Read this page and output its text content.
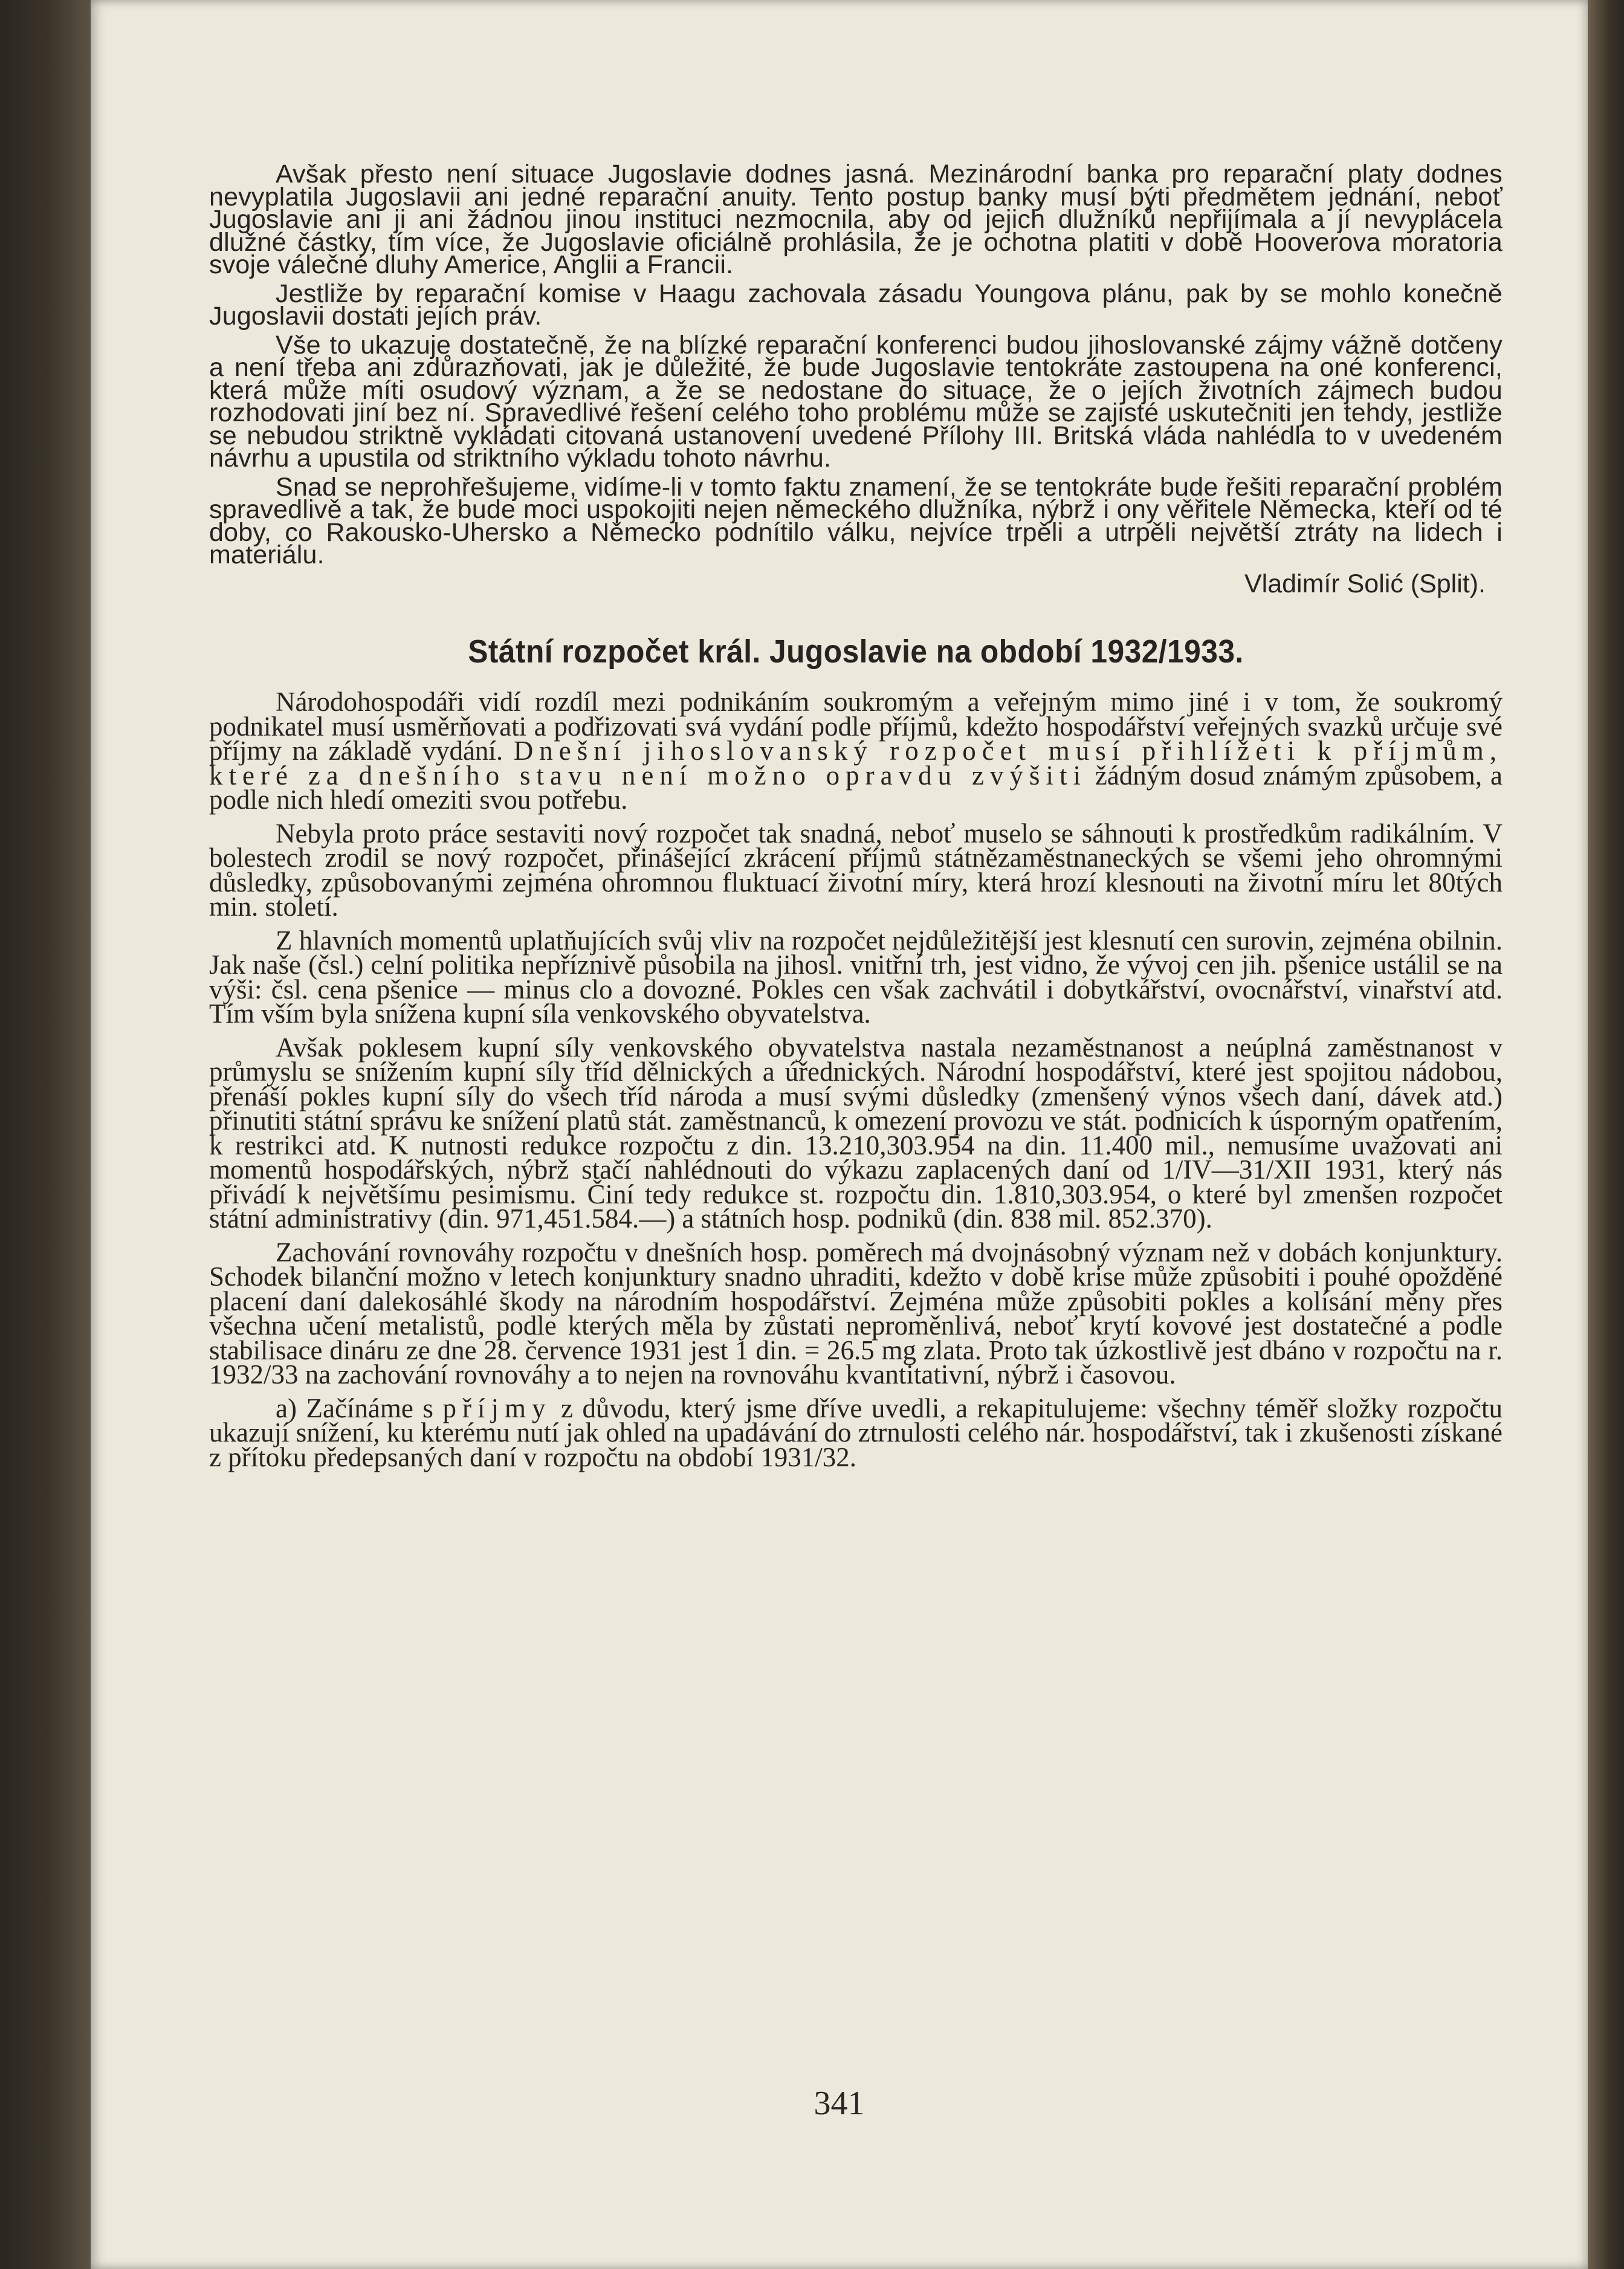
Avšak přesto není situace Jugoslavie dodnes jasná. Mezinárodní banka pro reparační platy dodnes nevyplatila Jugoslavii ani jedné reparační anuity. Tento postup banky musí býti předmětem jednání, neboť Jugoslavie ani ji ani žádnou jinou instituci nezmocnila, aby od jejich dlužníků nepřijímala a jí nevyplácela dlužné částky, tím více, že Jugoslavie oficiálně prohlásila, že je ochotna platiti v době Hooverova moratoria svoje válečné dluhy Americe, Anglii a Francii.

Jestliže by reparační komise v Haagu zachovala zásadu Youngova plánu, pak by se mohlo konečně Jugoslavii dostati jejích práv.

Vše to ukazuje dostatečně, že na blízké reparační konferenci budou jihoslovanské zájmy vážně dotčeny a není třeba ani zdůrazňovati, jak je důležité, že bude Jugoslavie tentokráte zastoupena na oné konferenci, která může míti osudový význam, a že se nedostane do situace, že o jejích životních zájmech budou rozhodovati jiní bez ní. Spravedlivé řešení celého toho problému může se zajisté uskutečniti jen tehdy, jestliže se nebudou striktně vykládati citovaná ustanovení uvedené Přílohy III. Britská vláda nahlédla to v uvedeném návrhu a upustila od striktního výkladu tohoto návrhu.

Snad se neprohřešujeme, vidíme-li v tomto faktu znamení, že se tentokráte bude řešiti reparační problém spravedlivě a tak, že bude moci uspokojiti nejen německého dlužníka, nýbrž i ony věřitele Německa, kteří od té doby, co Rakousko-Uhersko a Německo podnítilo válku, nejvíce trpěli a utrpěli největší ztráty na lidech i materiálu.

Vladimír Solić (Split).
Státní rozpočet král. Jugoslavie na období 1932/1933.

Národohospodáři vidí rozdíl mezi podnikáním soukromým a veřejným mimo jiné i v tom, že soukromý podnikatel musí usměrňovati a podřizovati svá vydání podle příjmů, kdežto hospodářství veřejných svazků určuje své příjmy na základě vydání. Dnešní jihoslovanský rozpočet musí přihlížeti k příjmům, které za dnešního stavu není možno opravdu zvýšiti žádným dosud známým způsobem, a podle nich hledí omeziti svou potřebu.

Nebyla proto práce sestaviti nový rozpočet tak snadná, neboť muselo se sáhnouti k prostředkům radikálním. V bolestech zrodil se nový rozpočet, přinášející zkrácení příjmů státnězaměstnaneckých se všemi jeho ohromnými důsledky, způsobovanými zejména ohromnou fluktuací životní míry, která hrozí klesnouti na životní míru let 80tých min. století.

Z hlavních momentů uplatňujících svůj vliv na rozpočet nejdůležitější jest klesnutí cen surovin, zejména obilnin. Jak naše (čsl.) celní politika nepříznivě působila na jihosl. vnitřní trh, jest vidno, že vývoj cen jih. pšenice ustálil se na výši: čsl. cena pšenice — minus clo a dovozné. Pokles cen však zachvátil i dobytkářství, ovocnářství, vinařství atd. Tím vším byla snížena kupní síla venkovského obyvatelstva.

Avšak poklesem kupní síly venkovského obyvatelstva nastala nezaměstnanost a neúplná zaměstnanost v průmyslu se snížením kupní síly tříd dělnických a úřednických. Národní hospodářství, které jest spojitou nádobou, přenáší pokles kupní síly do všech tříd národa a musí svými důsledky (zmenšený výnos všech daní, dávek atd.) přinutiti státní správu ke snížení platů stát. zaměstnanců, k omezení provozu ve stát. podnicích k úsporným opatřením, k restrikci atd. K nutnosti redukce rozpočtu z din. 13.210,303.954 na din. 11.400 mil., nemusíme uvažovati ani momentů hospodářských, nýbrž stačí nahlédnouti do výkazu zaplacených daní od 1/IV—31/XII 1931, který nás přivádí k největšímu pesimismu. Činí tedy redukce st. rozpočtu din. 1.810,303.954, o které byl zmenšen rozpočet státní administrativy (din. 971,451.584.—) a státních hosp. podniků (din. 838 mil. 852.370).

Zachování rovnováhy rozpočtu v dnešních hosp. poměrech má dvojnásobný význam než v dobách konjunktury. Schodek bilanční možno v letech konjunktury snadno uhraditi, kdežto v době krise může způsobiti i pouhé opožděné placení daní dalekosáhlé škody na národním hospodářství. Zejména může způsobiti pokles a kolísání měny přes všechna učení metalistů, podle kterých měla by zůstati neproměnlivá, neboť krytí kovové jest dostatečné a podle stabilisace dináru ze dne 28. července 1931 jest 1 din. = 26.5 mg zlata. Proto tak úzkostlivě jest dbáno v rozpočtu na r. 1932/33 na zachování rovnováhy a to nejen na rovnováhu kvantitativní, nýbrž i časovou.

a) Začínáme s příjmy z důvodu, který jsme dříve uvedli, a rekapitulujeme: všechny téměř složky rozpočtu ukazují snížení, ku kterému nutí jak ohled na upadávání do ztrnulosti celého nár. hospodářství, tak i zkušenosti získané z přítoku předepsaných daní v rozpočtu na období 1931/32.

341
